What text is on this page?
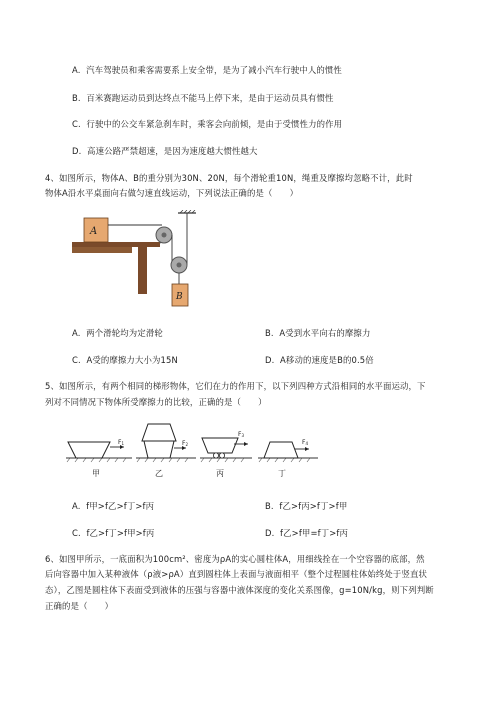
A. 汽车驾驶员和乘客需要系上安全带，是为了减小汽车行驶中人的惯性
B. 百米赛跑运动员到达终点不能马上停下来，是由于运动员具有惯性
C. 行驶中的公交车紧急刹车时，乘客会向前倾，是由于受惯性力的作用
D. 高速公路严禁超速，是因为速度越大惯性越大
4、如图所示，物体A、B的重分别为30N、20N，每个滑轮重10N，绳重及摩擦均忽略不计，此时
物体A沿水平桌面向右做匀速直线运动，下列说法正确的是（　　）
A
B
A. 两个滑轮均为定滑轮	B. A受到水平向右的摩擦力
C. A受的摩擦力大小为15N	D. A移动的速度是B的0.5倍
5、如图所示，有两个相同的梯形物体，它们在力的作用下，以下列四种方式沿相同的水平面运动，下
列对不同情况下物体所受摩擦力的比较，正确的是（　　）
F1
甲
F2
乙
F3
丙
F4
丁
A. f甲>f乙>f丁>f丙	B. f乙>f丙>f丁>f甲
C. f乙>f丁>f甲>f丙	D. f乙>f甲=f丁>f丙
6、如图甲所示，一底面积为100cm²、密度为ρA的实心圆柱体A，用细线拴在一个空容器的底部，然
后向容器中加入某种液体（ρ液>ρA）直到圆柱体上表面与液面相平（整个过程圆柱体始终处于竖直状
态），乙图是圆柱体下表面受到液体的压强与容器中液体深度的变化关系图像，g=10N/kg，则下列判断
正确的是（　　）
